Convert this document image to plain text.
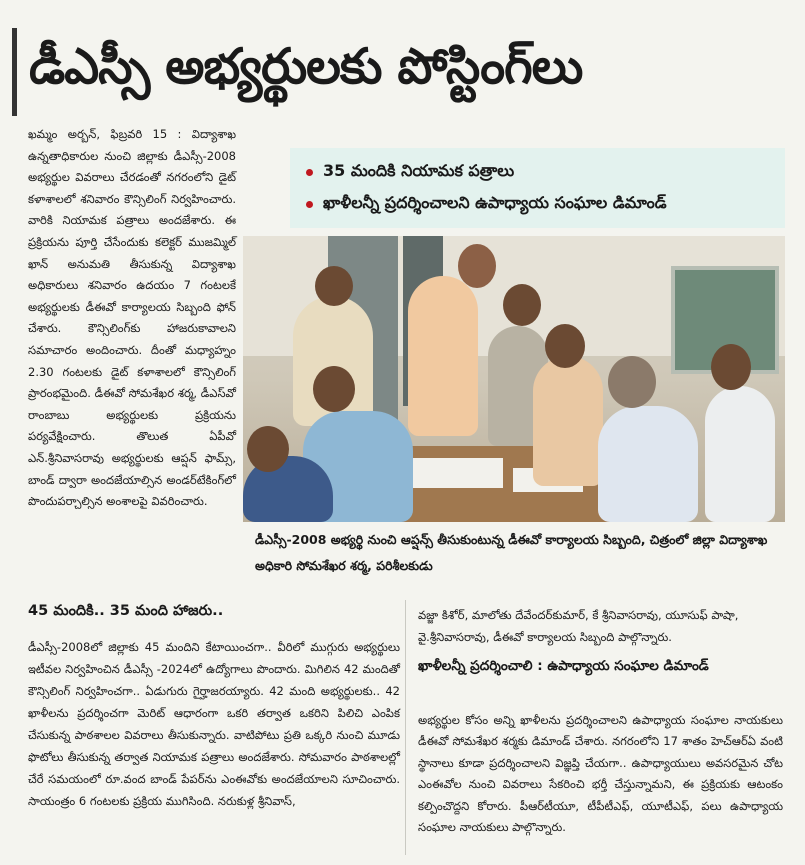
డీఎస్సీ అభ్యర్థులకు పోస్టింగ్‌లు

ఖమ్మం అర్బన్‌, ఫిబ్రవరి 15 : విద్యాశాఖ ఉన్నతాధికారుల నుంచి జిల్లాకు డీఎస్సీ-2008 అభ్యర్థుల వివరాలు చేరడంతో నగరంలోని డైట్‌ కళాశాలలో శనివారం కౌన్సిలింగ్‌ నిర్వహించారు. వారికి నియామక పత్రాలు అందజేశారు. ఈ ప్రక్రియను పూర్తి చేసేందుకు కలెక్టర్‌ ముజమ్మిల్‌ ఖాన్‌ అనుమతి తీసుకున్న విద్యాశాఖ అధికారులు శనివారం ఉదయం 7 గంటలకే అభ్యర్థులకు డీఈవో కార్యాలయ సిబ్బంది ఫోన్‌ చేశారు. కౌన్సిలింగ్‌కు హాజరుకావాలని సమాచారం అందించారు. దీంతో మధ్యాహ్నం 2.30 గంటలకు డైట్‌ కళాశాలలో కౌన్సిలింగ్‌ ప్రారంభమైంది. డీఈవో సోమశేఖర శర్మ, డీఎస్‌వో రాంబాబు అభ్యర్థులకు ప్రక్రియను పర్యవేక్షించారు. తొలుత ఏపీవో ఎన్‌.శ్రీనివాసరావు అభ్యర్థులకు ఆప్షన్‌ ఫామ్స్‌, బాండ్‌ ద్వారా అందజేయాల్సిన అండర్‌టేకింగ్‌లో పొందుపర్చాల్సిన అంశాలపై వివరించారు.

35 మందికి నియామక పత్రాలు
ఖాళీలన్నీ ప్రదర్శించాలని ఉపాధ్యాయ సంఘాల డిమాండ్
డీఎస్సీ-2008 అభ్యర్థి నుంచి ఆప్షన్స్‌ తీసుకుంటున్న డీఈవో కార్యాలయ సిబ్బంది, చిత్రంలో జిల్లా విద్యాశాఖ అధికారి సోమశేఖర శర్మ, పరిశీలకుడు
45 మందికి.. 35 మంది హాజరు..

డీఎస్సీ-2008లో జిల్లాకు 45 మందిని కేటాయించగా.. వీరిలో ముగ్గురు అభ్యర్థులు ఇటీవల నిర్వహించిన డీఎస్సీ -2024లో ఉద్యోగాలు పొందారు. మిగిలిన 42 మందితో కౌన్సిలింగ్‌ నిర్వహించగా.. ఏడుగురు గైర్హాజరయ్యారు. 42 మంది అభ్యర్థులకు.. 42 ఖాళీలను ప్రదర్శించగా మెరిట్‌ ఆధారంగా ఒకరి తర్వాత ఒకరిని పిలిచి ఎంపిక చేసుకున్న పాఠశాలల వివరాలు తీసుకున్నారు. వాటిపోటు ప్రతి ఒక్కరి నుంచి మూడు ఫొటోలు తీసుకున్న తర్వాత నియామక పత్రాలు అందజేశారు. సోమవారం పాఠశాలల్లో చేరే సమయంలో రూ.వంద బాండ్‌ పేపర్‌ను ఎంఈవోకు అందజేయాలని సూచించారు. సాయంత్రం 6 గంటలకు ప్రక్రియ ముగిసింది. నరుకుళ్ల శ్రీనివాస్‌,

వజ్జా కిశోర్‌, మాలోతు దేవేందర్‌కుమార్‌, కే శ్రీనివాసరావు, యూసుఫ్‌ పాషా, వై.శ్రీనివాసరావు, డీఈవో కార్యాలయ సిబ్బంది పాల్గొన్నారు.

ఖాళీలన్నీ ప్రదర్శించాలి : ఉపాధ్యాయ సంఘాల డిమాండ్‌

అభ్యర్థుల కోసం అన్ని ఖాళీలను ప్రదర్శించాలని ఉపాధ్యాయ సంఘాల నాయకులు డీఈవో సోమశేఖర శర్మకు డిమాండ్‌ చేశారు. నగరంలోని 17 శాతం హెచ్‌ఆర్‌ఏ వంటి స్థానాలు కూడా ప్రదర్శించాలని విజ్ఞప్తి చేయగా.. ఉపాధ్యాయులు అవసరమైన చోట ఎంఈవోల నుంచి వివరాలు సేకరించి భర్తీ చేస్తున్నామని, ఈ ప్రక్రియకు ఆటంకం కల్పించొద్దని కోరారు. పీఆర్‌టీయూ, టీపీటీఎఫ్‌, యూటీఎఫ్‌, పలు ఉపాధ్యాయ సంఘాల నాయకులు పాల్గొన్నారు.
